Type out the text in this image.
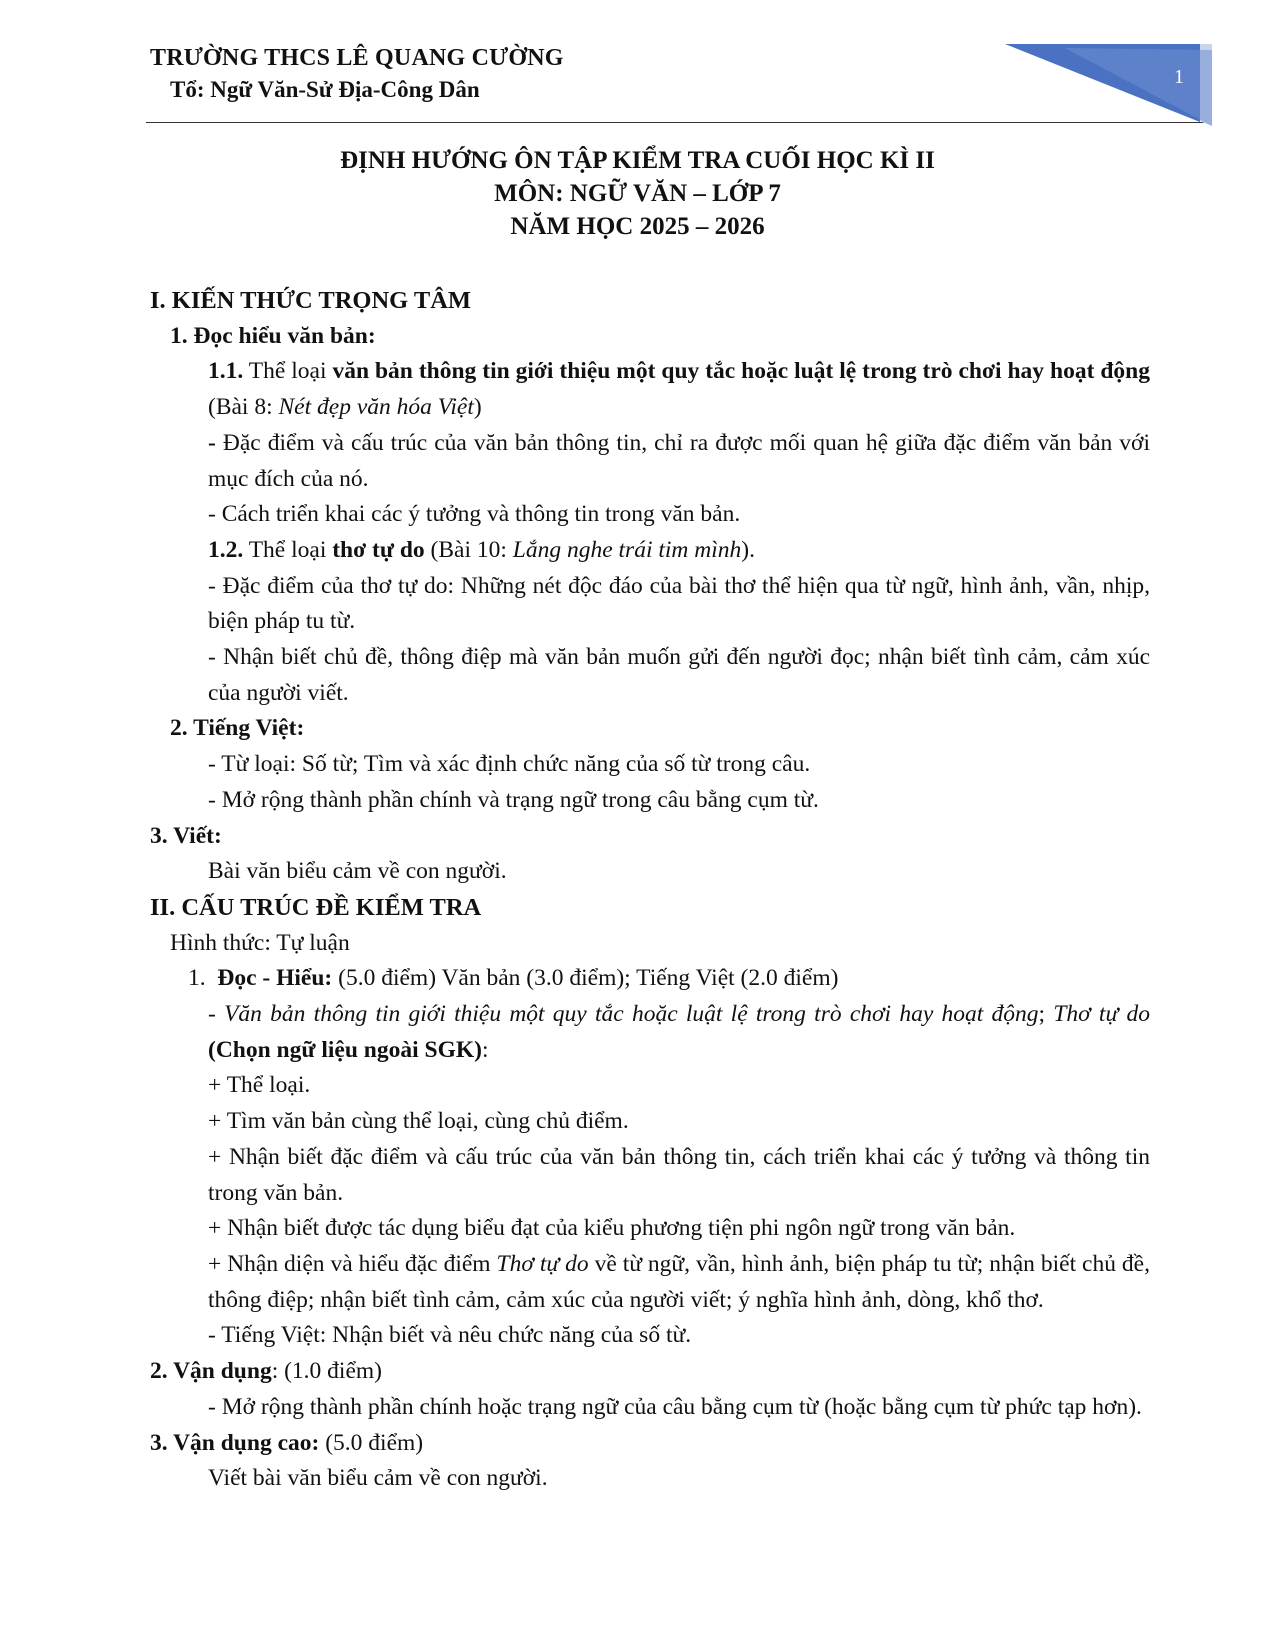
TRƯỜNG THCS LÊ QUANG CƯỜNG
Tổ: Ngữ Văn-Sử Địa-Công Dân	1
ĐỊNH HƯỚNG ÔN TẬP KIỂM TRA CUỐI HỌC KÌ II
MÔN: NGỮ VĂN – LỚP 7
NĂM HỌC 2025 – 2026
I. KIẾN THỨC TRỌNG TÂM
1. Đọc hiểu văn bản:
1.1. Thể loại văn bản thông tin giới thiệu một quy tắc hoặc luật lệ trong trò chơi hay hoạt động (Bài 8: Nét đẹp văn hóa Việt)
- Đặc điểm và cấu trúc của văn bản thông tin, chỉ ra được mối quan hệ giữa đặc điểm văn bản với mục đích của nó.
- Cách triển khai các ý tưởng và thông tin trong văn bản.
1.2. Thể loại thơ tự do (Bài 10: Lắng nghe trái tim mình).
- Đặc điểm của thơ tự do: Những nét độc đáo của bài thơ thể hiện qua từ ngữ, hình ảnh, vần, nhịp, biện pháp tu từ.
- Nhận biết chủ đề, thông điệp mà văn bản muốn gửi đến người đọc; nhận biết tình cảm, cảm xúc của người viết.
2. Tiếng Việt:
- Từ loại: Số từ; Tìm và xác định chức năng của số từ trong câu.
- Mở rộng thành phần chính và trạng ngữ trong câu bằng cụm từ.
3. Viết:
Bài văn biểu cảm về con người.
II. CẤU TRÚC ĐỀ KIỂM TRA
Hình thức: Tự luận
1. Đọc - Hiểu: (5.0 điểm) Văn bản (3.0 điểm); Tiếng Việt (2.0 điểm)
- Văn bản thông tin giới thiệu một quy tắc hoặc luật lệ trong trò chơi hay hoạt động; Thơ tự do (Chọn ngữ liệu ngoài SGK):
+ Thể loại.
+ Tìm văn bản cùng thể loại, cùng chủ điểm.
+ Nhận biết đặc điểm và cấu trúc của văn bản thông tin, cách triển khai các ý tưởng và thông tin trong văn bản.
+ Nhận biết được tác dụng biểu đạt của kiểu phương tiện phi ngôn ngữ trong văn bản.
+ Nhận diện và hiểu đặc điểm Thơ tự do về từ ngữ, vần, hình ảnh, biện pháp tu từ; nhận biết chủ đề, thông điệp; nhận biết tình cảm, cảm xúc của người viết; ý nghĩa hình ảnh, dòng, khổ thơ.
- Tiếng Việt: Nhận biết và nêu chức năng của số từ.
2. Vận dụng: (1.0 điểm)
- Mở rộng thành phần chính hoặc trạng ngữ của câu bằng cụm từ (hoặc bằng cụm từ phức tạp hơn).
3. Vận dụng cao: (5.0 điểm)
Viết bài văn biểu cảm về con người.
